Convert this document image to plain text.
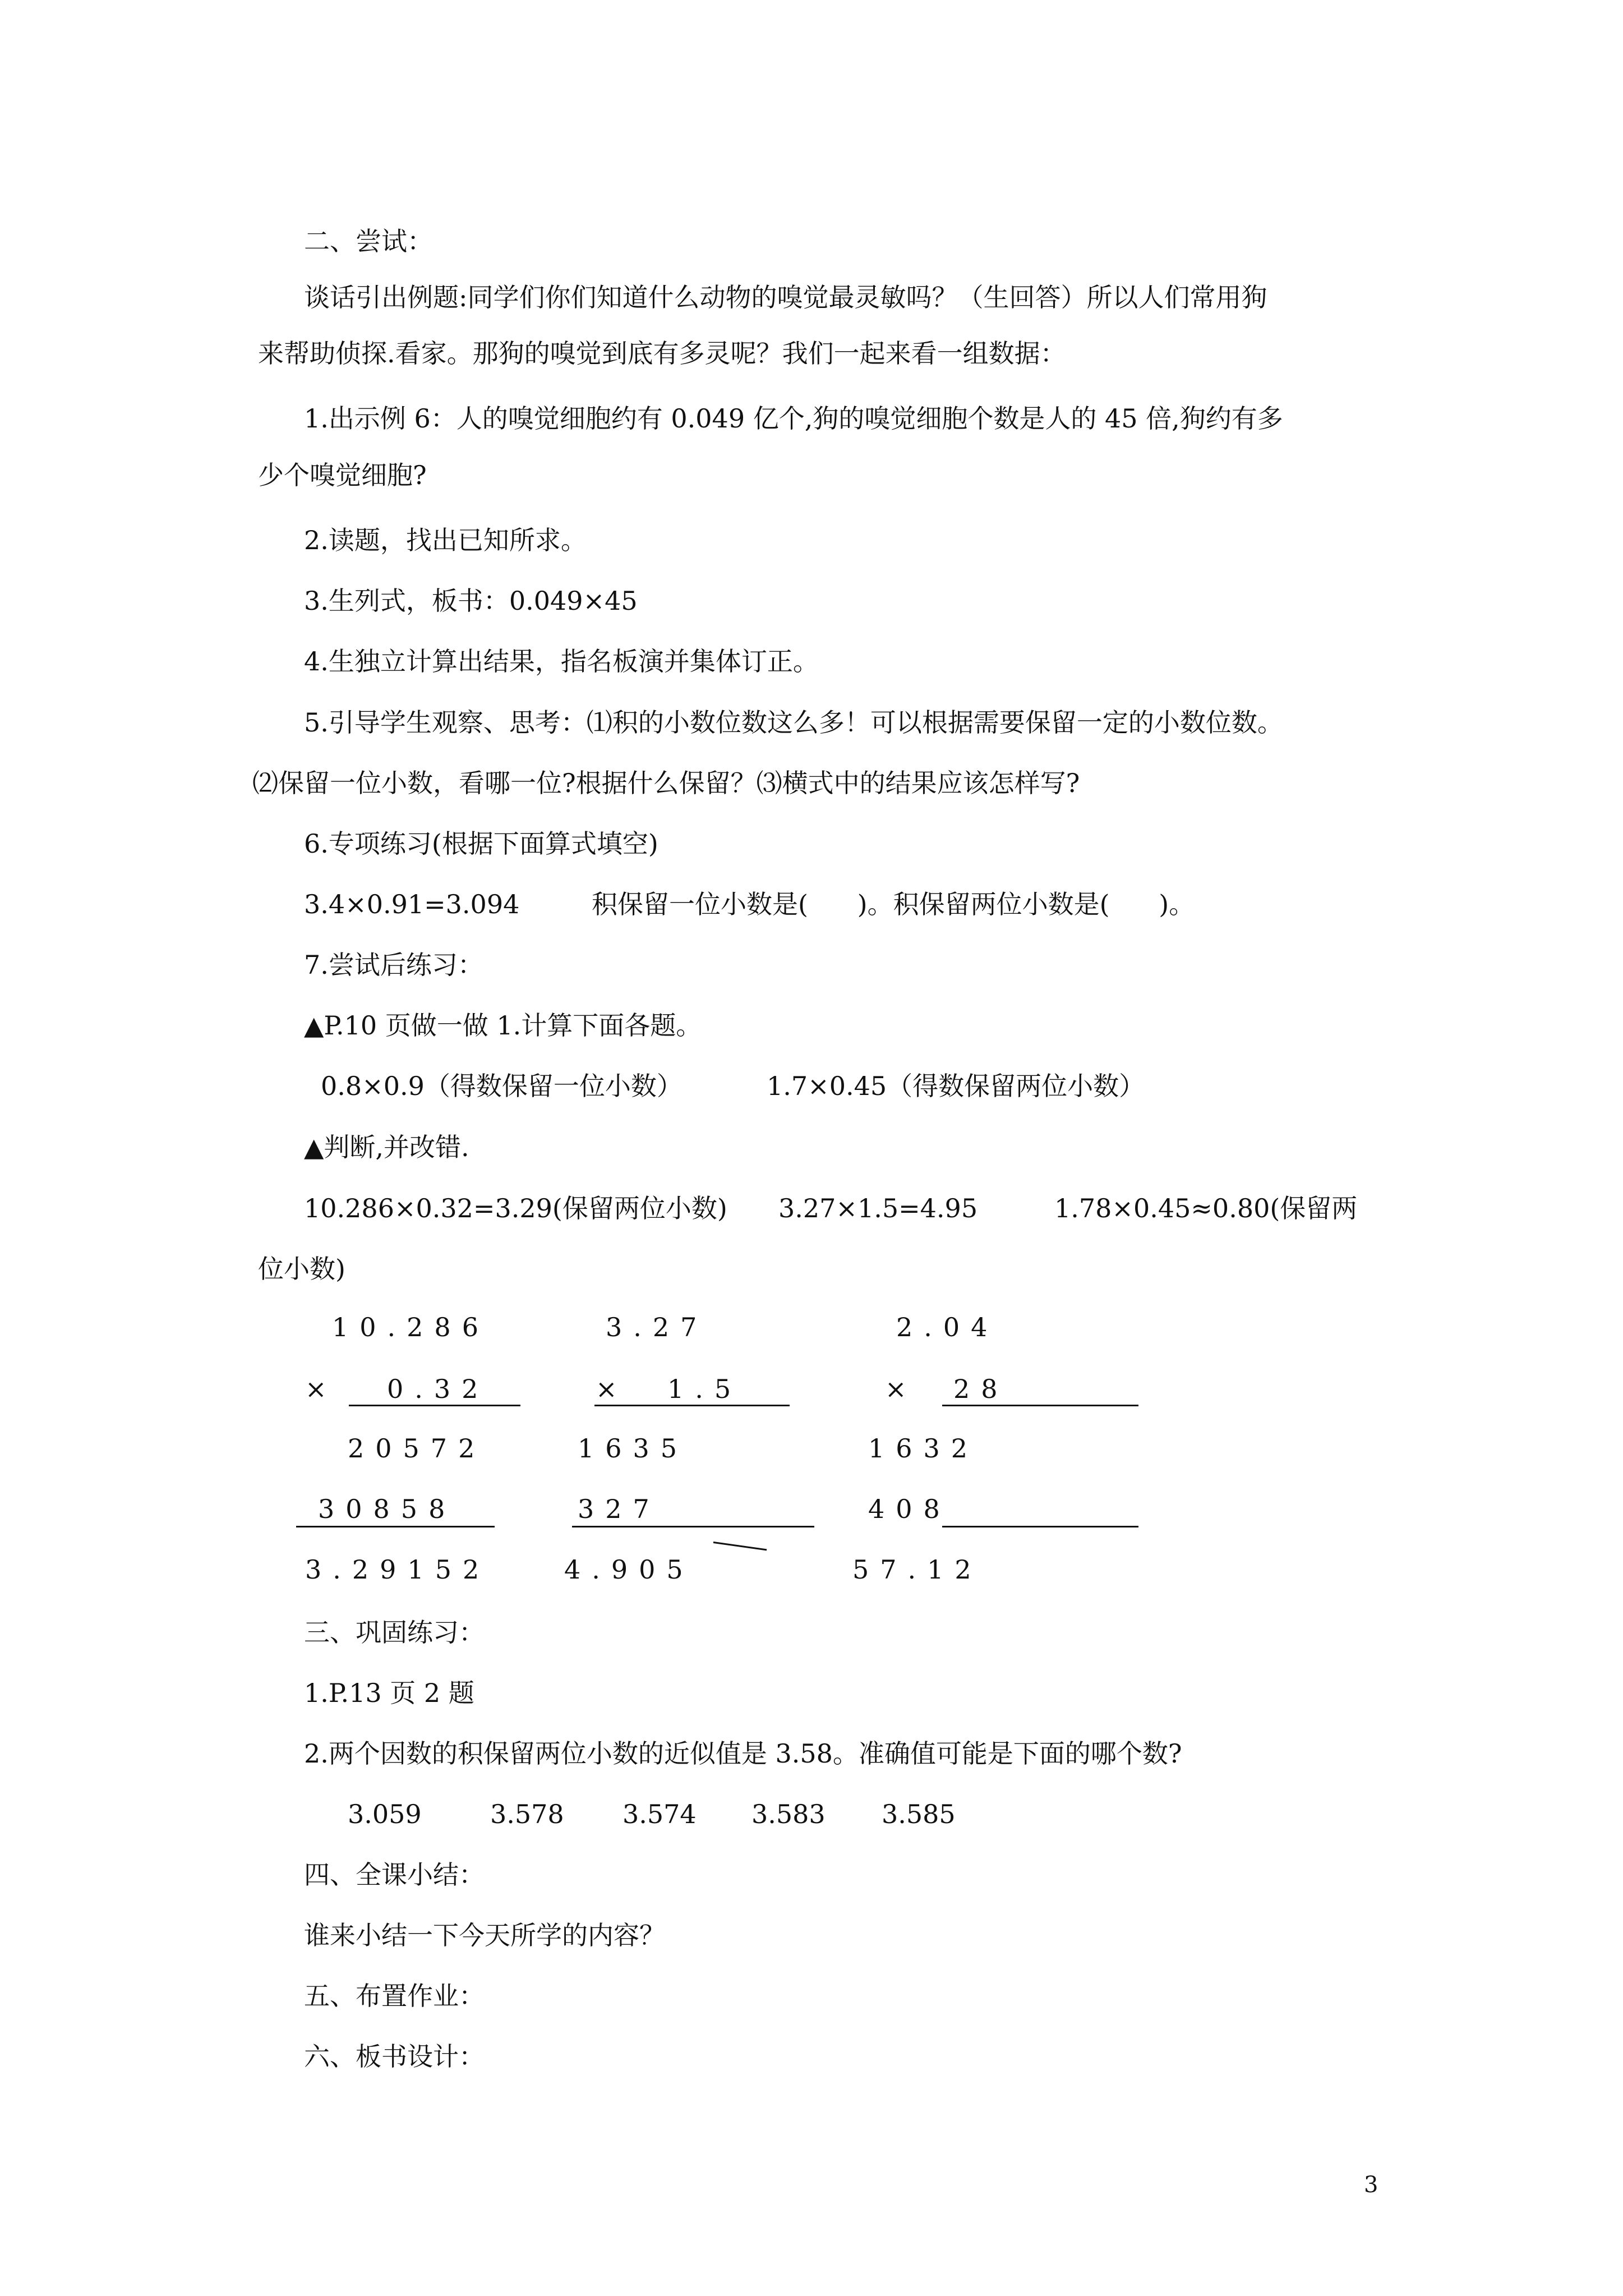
二、尝试：
谈话引出例题:同学们你们知道什么动物的嗅觉最灵敏吗？（生回答）所以人们常用狗
来帮助侦探.看家。那狗的嗅觉到底有多灵呢？我们一起来看一组数据：
1.出示例 6：人的嗅觉细胞约有 0.049 亿个,狗的嗅觉细胞个数是人的 45 倍,狗约有多
少个嗅觉细胞?
2.读题，找出已知所求。
3.生列式，板书：0.049×45
4.生独立计算出结果，指名板演并集体订正。
5.引导学生观察、思考：⑴积的小数位数这么多！可以根据需要保留一定的小数位数。
⑵保留一位小数，看哪一位?根据什么保留？⑶横式中的结果应该怎样写?
6.专项练习(根据下面算式填空)
3.4×0.91=3.094	积保留一位小数是(      )。积保留两位小数是(      )。
7.尝试后练习：
▲P.10 页做一做 1.计算下面各题。
0.8×0.9（得数保留一位小数）	1.7×0.45（得数保留两位小数）
▲判断,并改错.
10.286×0.32=3.29(保留两位小数) 3.27×1.5=4.95	1.78×0.45≈0.80(保留两
位小数)
10.286
× 0.32
20572
30858
3.29152
3.27
× 1.5
1635
327
4.905
2.04
× 28
1632
408
57.12
三、巩固练习：
1.P.13 页 2 题
2.两个因数的积保留两位小数的近似值是 3.58。准确值可能是下面的哪个数?
3.059	3.578 3.574 3.583 3.585
四、全课小结：
谁来小结一下今天所学的内容？
五、布置作业：
六、板书设计：
3
